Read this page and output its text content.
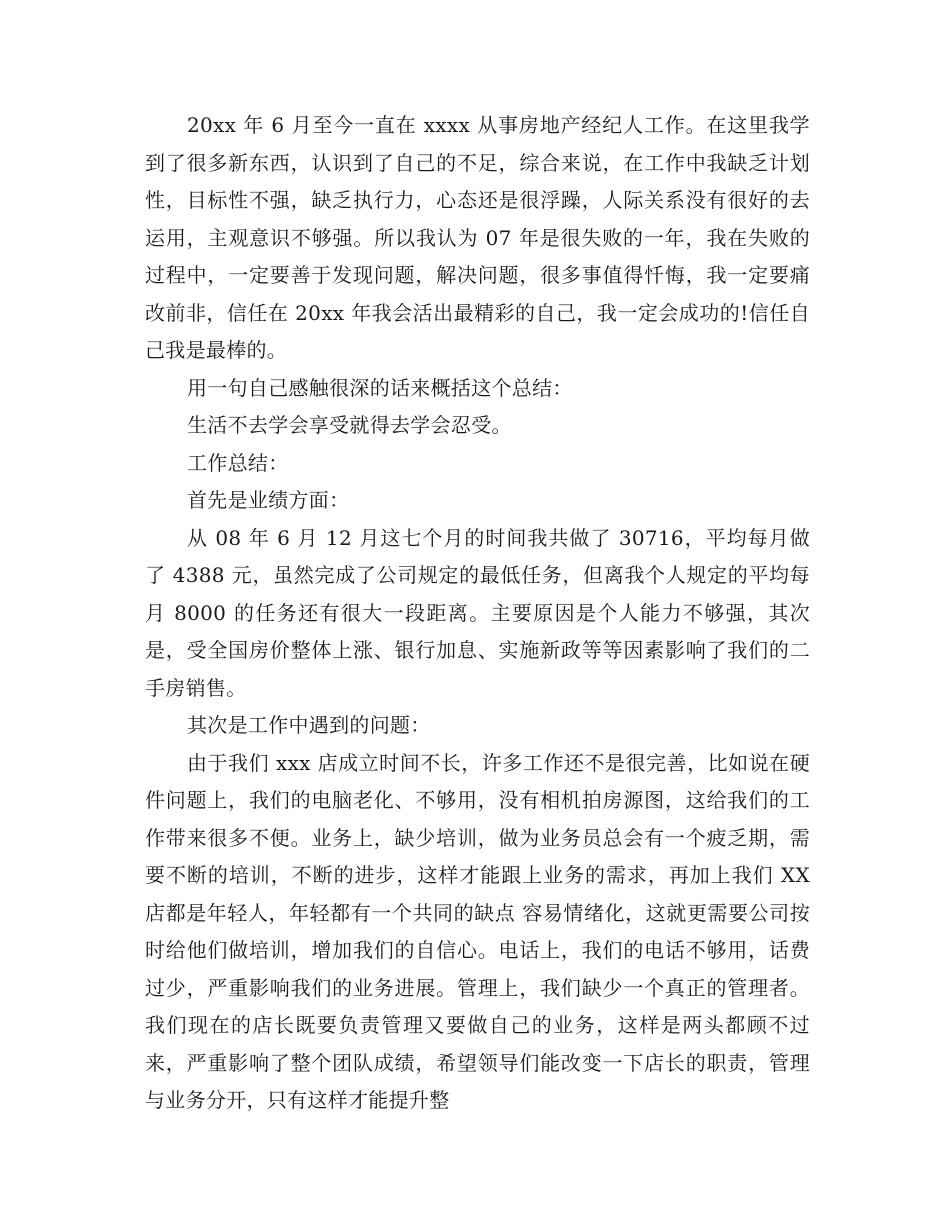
20xx 年 6 月至今一直在 xxxx 从事房地产经纪人工作。在这里我学到了很多新东西，认识到了自己的不足，综合来说，在工作中我缺乏计划性，目标性不强，缺乏执行力，心态还是很浮躁，人际关系没有很好的去运用，主观意识不够强。所以我认为 07 年是很失败的一年，我在失败的过程中，一定要善于发现问题，解决问题，很多事值得忏悔，我一定要痛改前非，信任在 20xx 年我会活出最精彩的自己，我一定会成功的!信任自己我是最棒的。

用一句自己感触很深的话来概括这个总结：

生活不去学会享受就得去学会忍受。

工作总结：

首先是业绩方面：

从 08 年 6 月 12 月这七个月的时间我共做了 30716，平均每月做了 4388 元，虽然完成了公司规定的最低任务，但离我个人规定的平均每月 8000 的任务还有很大一段距离。主要原因是个人能力不够强，其次是，受全国房价整体上涨、银行加息、实施新政等等因素影响了我们的二手房销售。

其次是工作中遇到的问题：

由于我们 xxx 店成立时间不长，许多工作还不是很完善，比如说在硬件问题上，我们的电脑老化、不够用，没有相机拍房源图，这给我们的工作带来很多不便。业务上，缺少培训，做为业务员总会有一个疲乏期，需要不断的培训，不断的进步，这样才能跟上业务的需求，再加上我们 XX 店都是年轻人，年轻都有一个共同的缺点 容易情绪化，这就更需要公司按时给他们做培训，增加我们的自信心。电话上，我们的电话不够用，话费过少，严重影响我们的业务进展。管理上，我们缺少一个真正的管理者。我们现在的店长既要负责管理又要做自己的业务，这样是两头都顾不过来，严重影响了整个团队成绩，希望领导们能改变一下店长的职责，管理与业务分开，只有这样才能提升整
